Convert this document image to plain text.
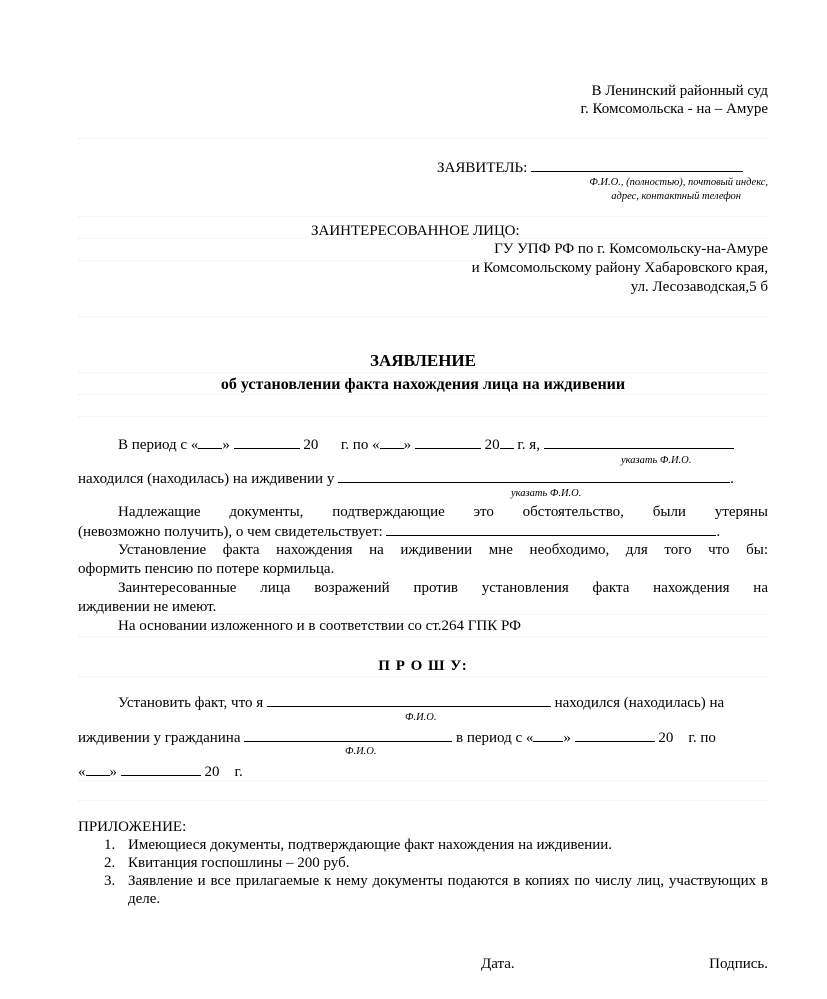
В Ленинский районный суд
г. Комсомольска - на – Амуре
ЗАЯВИТЕЛЬ:
Ф.И.О., (полностью), почтовый индекс,
адрес, контактный телефон
ЗАИНТЕРЕСОВАННОЕ ЛИЦО:
ГУ УПФ РФ по г. Комсомольску-на-Амуре
и Комсомольскому району Хабаровского края,
ул. Лесозаводская,5 б
ЗАЯВЛЕНИЕ
об установлении факта нахождения лица на иждивении
В период с « »	20 г. по « »	20 г. я,
указать Ф.И.О.
находился (находилась) на иждивении у	.
указать Ф.И.О.
Надлежащие документы, подтверждающие это обстоятельство, были утеряны
(невозможно получить), о чем свидетельствует:	.
Установление факта нахождения на иждивении мне необходимо, для того что бы:
оформить пенсию по потере кормильца.
Заинтересованные лица возражений против установления факта нахождения на
иждивении не имеют.
На основании изложенного и в соответствии со ст.264 ГПК РФ
П Р О Ш У:
Установить факт, что я	находился (находилась) на
Ф.И.О.
иждивении у гражданина	в период с « »	20 г. по
Ф.И.О.
« »	20 г.
ПРИЛОЖЕНИЕ:
1. Имеющиеся документы, подтверждающие факт нахождения на иждивении.
2. Квитанция госпошлины – 200 руб.
3. Заявление и все прилагаемые к нему документы подаются в копиях по числу лиц, участвующих в деле.
Дата.	Подпись.
